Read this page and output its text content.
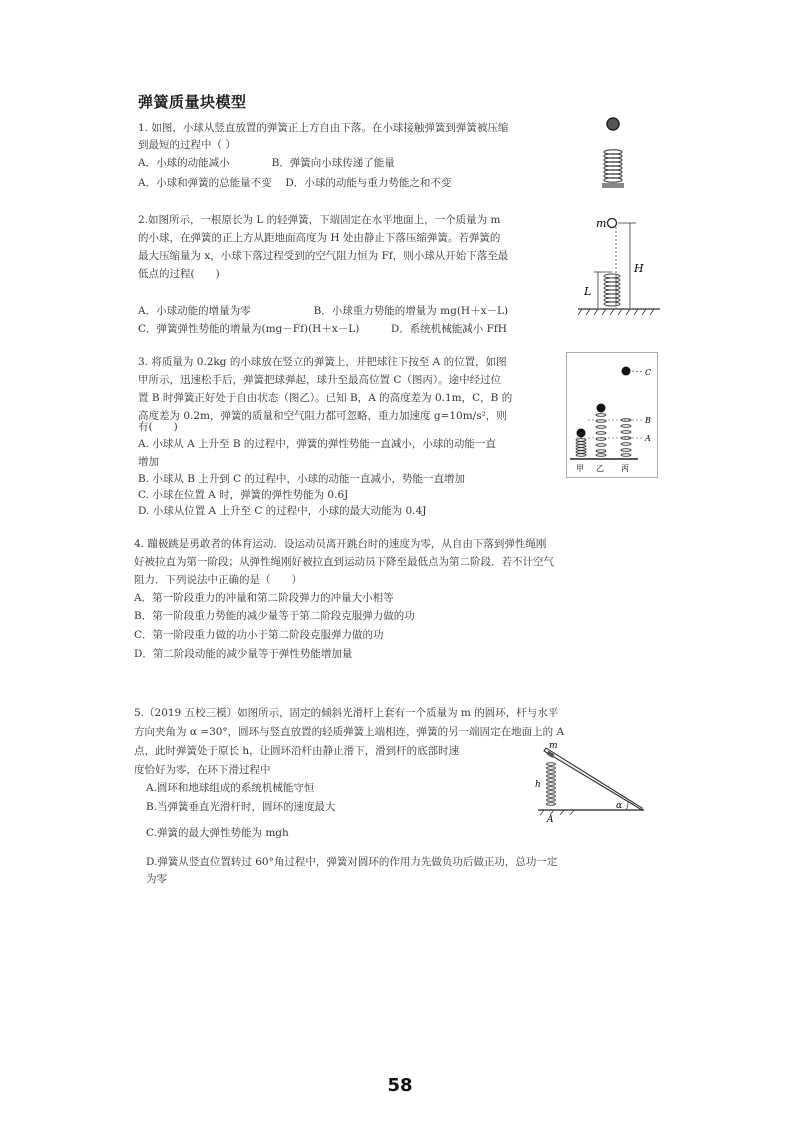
弹簧质量块模型
1. 如图，小球从竖直放置的弹簧正上方自由下落。在小球接触弹簧到弹簧被压缩
到最短的过程中（ ）
A．小球的动能减小　　　　B．弹簧向小球传递了能量
A．小球和弹簧的总能量不变　 D．小球的动能与重力势能之和不变
2.如图所示，一根原长为 L 的轻弹簧，下端固定在水平地面上，一个质量为 m
的小球，在弹簧的正上方从距地面高度为 H 处由静止下落压缩弹簧。若弹簧的
最大压缩量为 x，小球下落过程受到的空气阻力恒为 Ff，则小球从开始下落至最
低点的过程(　　)
A．小球动能的增量为零　　　　　　B．小球重力势能的增量为 mg(H＋x－L)
C．弹簧弹性势能的增量为(mg－Ff)(H＋x－L)　　　D．系统机械能减小 FfH
m
L
H
3. 将质量为 0.2kg 的小球放在竖立的弹簧上，并把球往下按至 A 的位置，如图
甲所示，迅速松手后，弹簧把球弹起，球升至最高位置 C（图丙）。途中经过位
置 B 时弹簧正好处于自由状态（图乙）。已知 B，A 的高度差为 0.1m，C，B 的
高度差为 0.2m，弹簧的质量和空气阻力都可忽略，重力加速度 g=10m/s²，则
有(　　)
A. 小球从 A 上升至 B 的过程中，弹簧的弹性势能一直减小，小球的动能一直
增加
B. 小球从 B 上升到 C 的过程中，小球的动能一直减小，势能一直增加
C. 小球在位置 A 时，弹簧的弹性势能为 0.6J
D. 小球从位置 A 上升至 C 的过程中，小球的最大动能为 0.4J
C
B
A
甲 乙 丙
4. 蹦极跳是勇敢者的体育运动．设运动员离开跳台时的速度为零，从自由下落到弹性绳刚
好被拉直为第一阶段；从弹性绳刚好被拉直到运动员下降至最低点为第二阶段．若不计空气
阻力．下列说法中正确的是（　　）
A．第一阶段重力的冲量和第二阶段弹力的冲量大小相等
B．第一阶段重力势能的减少量等于第二阶段克服弹力做的功
C．第一阶段重力做的功小于第二阶段克服弹力做的功
D．第二阶段动能的减少量等于弹性势能增加量
5.（2019 五校三模）如图所示，固定的倾斜光滑杆上套有一个质量为 m 的圆环，杆与水平
方向夹角为 α =30°，圆环与竖直放置的轻质弹簧上端相连，弹簧的另一端固定在地面上的 A
点，此时弹簧处于原长 h，让圆环沿杆由静止滑下，滑到杆的底部时速
度恰好为零，在环下滑过程中
A.圆环和地球组成的系统机械能守恒
B.当弹簧垂直光滑杆时，圆环的速度最大
C.弹簧的最大弹性势能为 mgh
D.弹簧从竖直位置转过 60°角过程中，弹簧对圆环的作用力先做负功后做正功，总功一定
为零
m
h
α
A
58
